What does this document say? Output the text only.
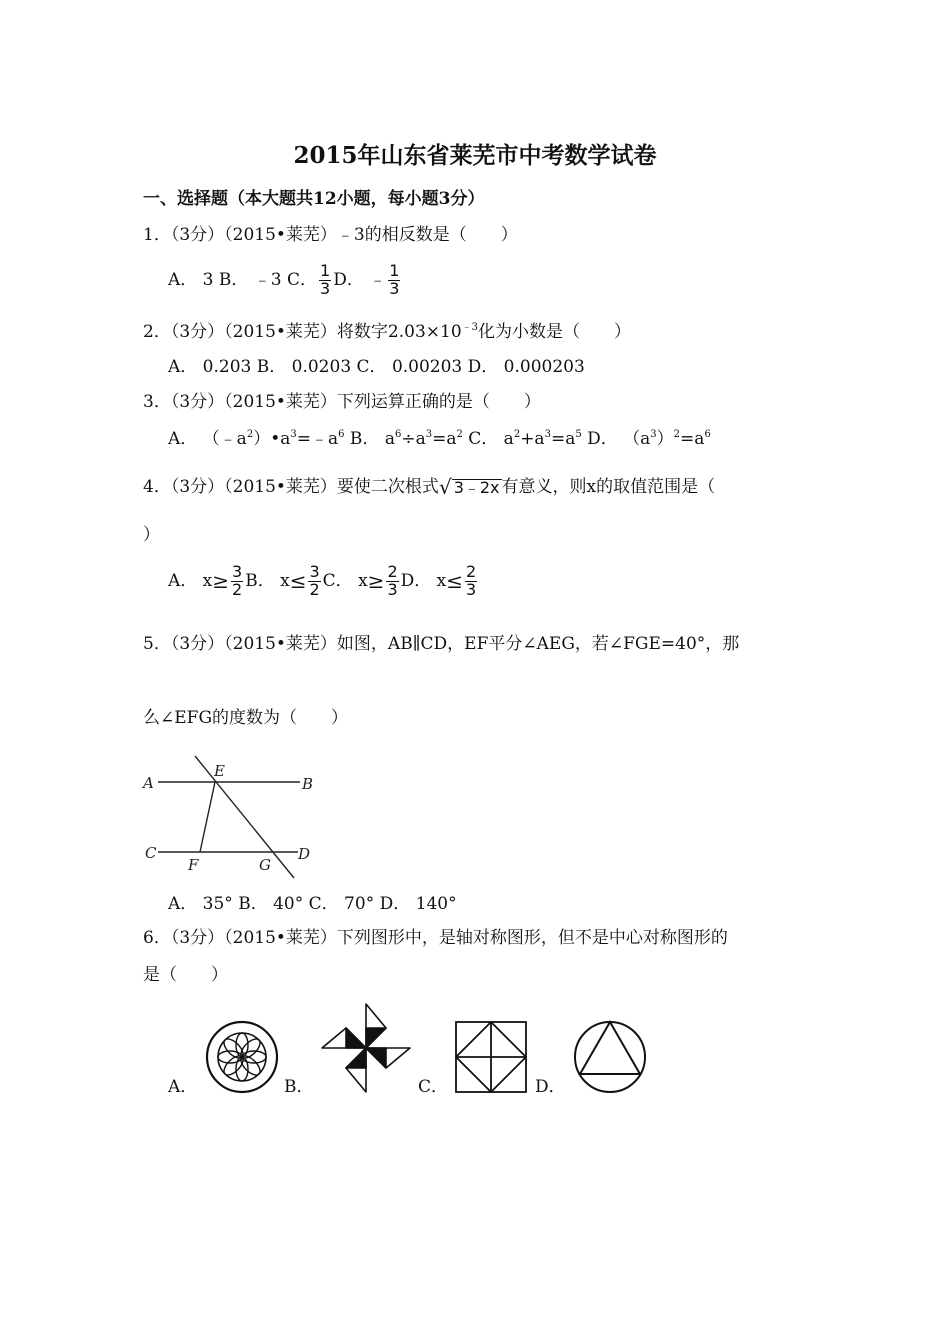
2015年山东省莱芜市中考数学试卷
一、选择题（本大题共12小题，每小题3分）
1．（3分）（2015•莱芜）﹣3的相反数是（　　）
A． 3 B． ﹣3 C． $\frac{1}{3}$ D． ﹣ $\frac{1}{3}$
2．（3分）（2015•莱芜）将数字$2.03\times 10^{﹣3}$化为小数是（　　）
A． 0.203 B． 0.0203 C． 0.00203 D． 0.000203
3．（3分）（2015•莱芜）下列运算正确的是（　　）
A． $(﹣a^2)•a^3=﹣a^6$ B． $a^6\div a^3=a^2$ C． $a^2+a^3=a^5$ D． $(a^3)^2=a^6$
4．（3分）（2015•莱芜）要使二次根式 √ 3﹣2x 有意义，则x的取值范围是（
）
A． $x \ge \frac{3}{2}$ B． $x \le \frac{3}{2}$ C． $x \ge \frac{2}{3}$ D． $x \le \frac{2}{3}$
5．（3分）（2015•莱芜）如图，AB∥CD，EF平分∠AEG，若∠FGE=40°，那
么∠EFG的度数为（　　）
A	B
E
C	D
F	G
A． 35° B． 40° C． 70° D． 140°
6．（3分）（2015•莱芜）下列图形中，是轴对称图形，但不是中心对称图形的
是（　　）
A．	B．	C．	D．
